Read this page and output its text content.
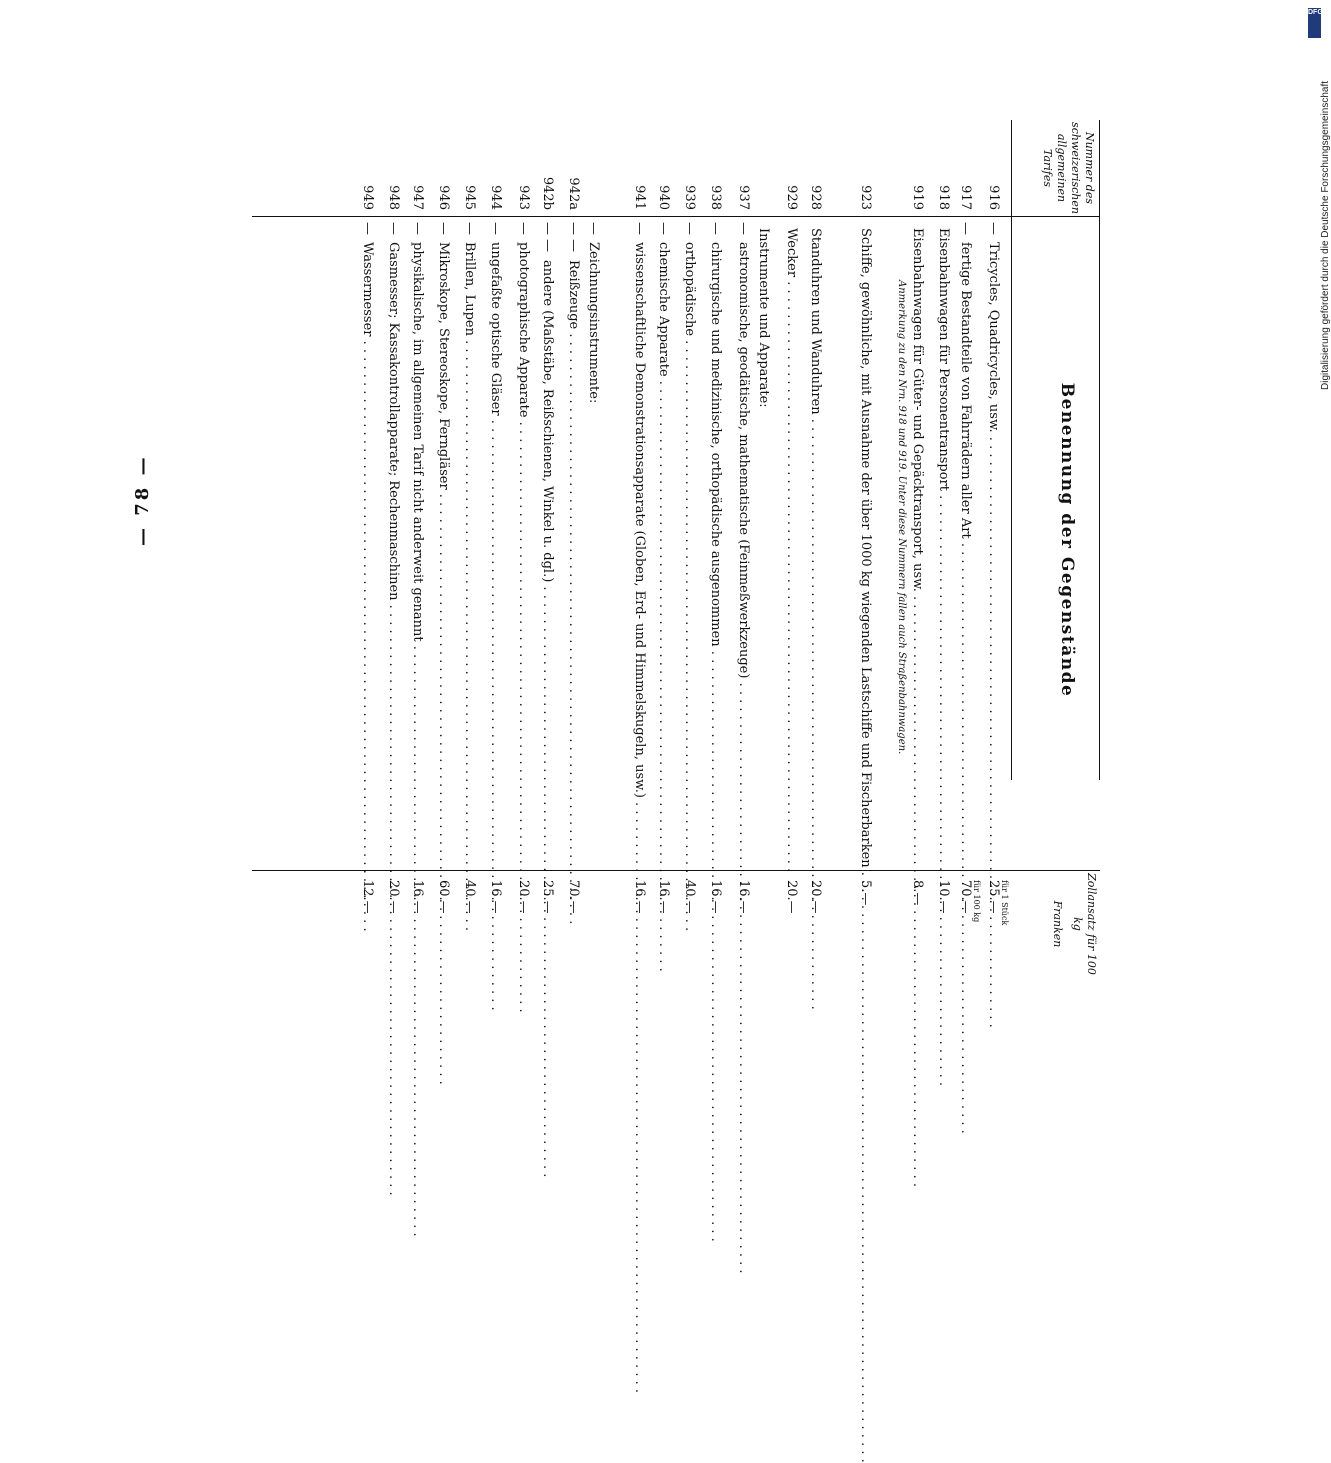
Nummer des schweizerischen allgemeinen Tarifes
Benennung der Gegenstände
Zollansatz für 100 kg
Franken
916
—
Tricycles, Quadricycles, usw. . . .
für 1 Stück
25.—
917
—
fertige Bestandteile von Fahrrädern aller Art . . .
für 100 kg
70.—
918
Eisenbahnwagen für Personentransport . . .
10.—
919
Eisenbahnwagen für Güter- und Gepäcktransport, usw. . . .
Anmerkung zu den Nrn. 918 und 919. Unter diese Nummern fallen auch Straßenbahnwagen.
8.—
923
Schiffe, gewöhnliche, mit Ausnahme der über 1000 kg wiegenden Lastschiffe und Fischerbarken . . .
5.—
928
Standuhren und Wanduhren . . .
20.—
929
Wecker . . .
20.—
Instrumente und Apparate:
937
—
astronomische, geodätische, mathematische (Feinmeßwerkzeuge) . . .
16.—
938
—
chirurgische und medizinische, orthopädische ausgenommen . . .
16.—
939
—
orthopädische . . .
40.—
940
—
chemische Apparate . . .
16.—
941
—
wissenschaftliche Demonstrationsapparate (Globen, Erd- und Himmelskugeln, usw.) . . .
16.—
—
Zeichnungsinstrumente:
942a
— —
Reißzeuge . . .
70.—
942b
— —
andere (Maßstäbe, Reißschienen, Winkel u. dgl.) . . .
25.—
943
—
photographische Apparate . . .
20.—
944
—
ungefaßte optische Gläser . . .
16.—
945
—
Brillen, Lupen . . .
40.—
946
—
Mikroskope, Stereoskope, Ferngläser . . .
60.—
947
—
physikalische, im allgemeinen Tarif nicht anderweit genannt . . .
16.—
948
—
Gasmesser; Kassakontrollapparate; Rechenmaschinen . . .
20.—
949
—
Wassermesser . . .
12.—
DFG
Digitalisierung gefördert durch die Deutsche Forschungsgemeinschaft
— 78 —
